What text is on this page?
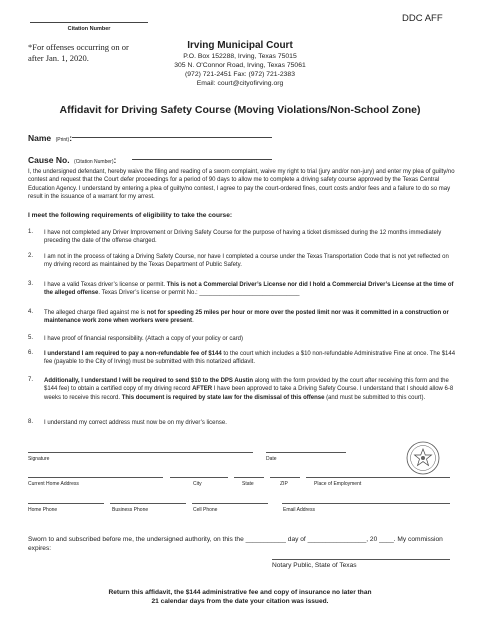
Citation Number
*For offenses occurring on or after Jan. 1, 2020.
Irving Municipal Court
P.O. Box 152288, Irving, Texas 75015
305 N. O'Connor Road, Irving, Texas 75061
(972) 721-2451 Fax: (972) 721-2383
Email: court@cityofirving.org
DDC AFF
Affidavit for Driving Safety Course (Moving Violations/Non-School Zone)
Name (Print):
Cause No. (Citation Number):
I, the undersigned defendant, hereby waive the filing and reading of a sworn complaint, waive my right to trial (jury and/or non-jury) and enter my plea of guilty/no contest and request that the Court defer proceedings for a period of 90 days to allow me to complete a driving safety course approved by the Texas Central Education Agency. I understand by entering a plea of guilty/no contest, I agree to pay the court-ordered fines, court costs and/or fees and a failure to do so may result in the issuance of a warrant for my arrest.
I meet the following requirements of eligibility to take the course:
1.	I have not completed any Driver Improvement or Driving Safety Course for the purpose of having a ticket dismissed during the 12 months immediately preceding the date of the offense charged.
2.	I am not in the process of taking a Driving Safety Course, nor have I completed a course under the Texas Transportation Code that is not yet reflected on my driving record as maintained by the Texas Department of Public Safety.
3.	I have a valid Texas driver’s license or permit. This is not a Commercial Driver’s License nor did I hold a Commercial Driver’s License at the time of the alleged offense. Texas Driver’s license or permit No.: ______________________________
4.	The alleged charge filed against me is not for speeding 25 miles per hour or more over the posted limit nor was it committed in a construction or maintenance work zone when workers were present.
5.	I have proof of financial responsibility. (Attach a copy of your policy or card)
6.	I understand I am required to pay a non-refundable fee of $144 to the court which includes a $10 non-refundable Administrative Fine at once. The $144 fee (payable to the City of Irving) must be submitted with this notarized affidavit.
7.	Additionally, I understand I will be required to send $10 to the DPS Austin along with the form provided by the court after receiving this form and the $144 fee) to obtain a certified copy of my driving record AFTER I have been approved to take a Driving Safety Course. I understand that I should allow 6-8 weeks to receive this record. This document is required by state law for the dismissal of this offense (and must be submitted to this court).
8.	I understand my correct address must now be on my driver’s license.
Signature	Date
Current Home Address	City	State	ZIP	Place of Employment
Home Phone	Business Phone	Cell Phone	Email Address
Sworn to and subscribed before me, the undersigned authority, on this the ___________ day of ________________, 20 ____. My commission expires:
Notary Public, State of Texas
Return this affidavit, the $144 administrative fee and copy of insurance no later than
21 calendar days from the date your citation was issued.
